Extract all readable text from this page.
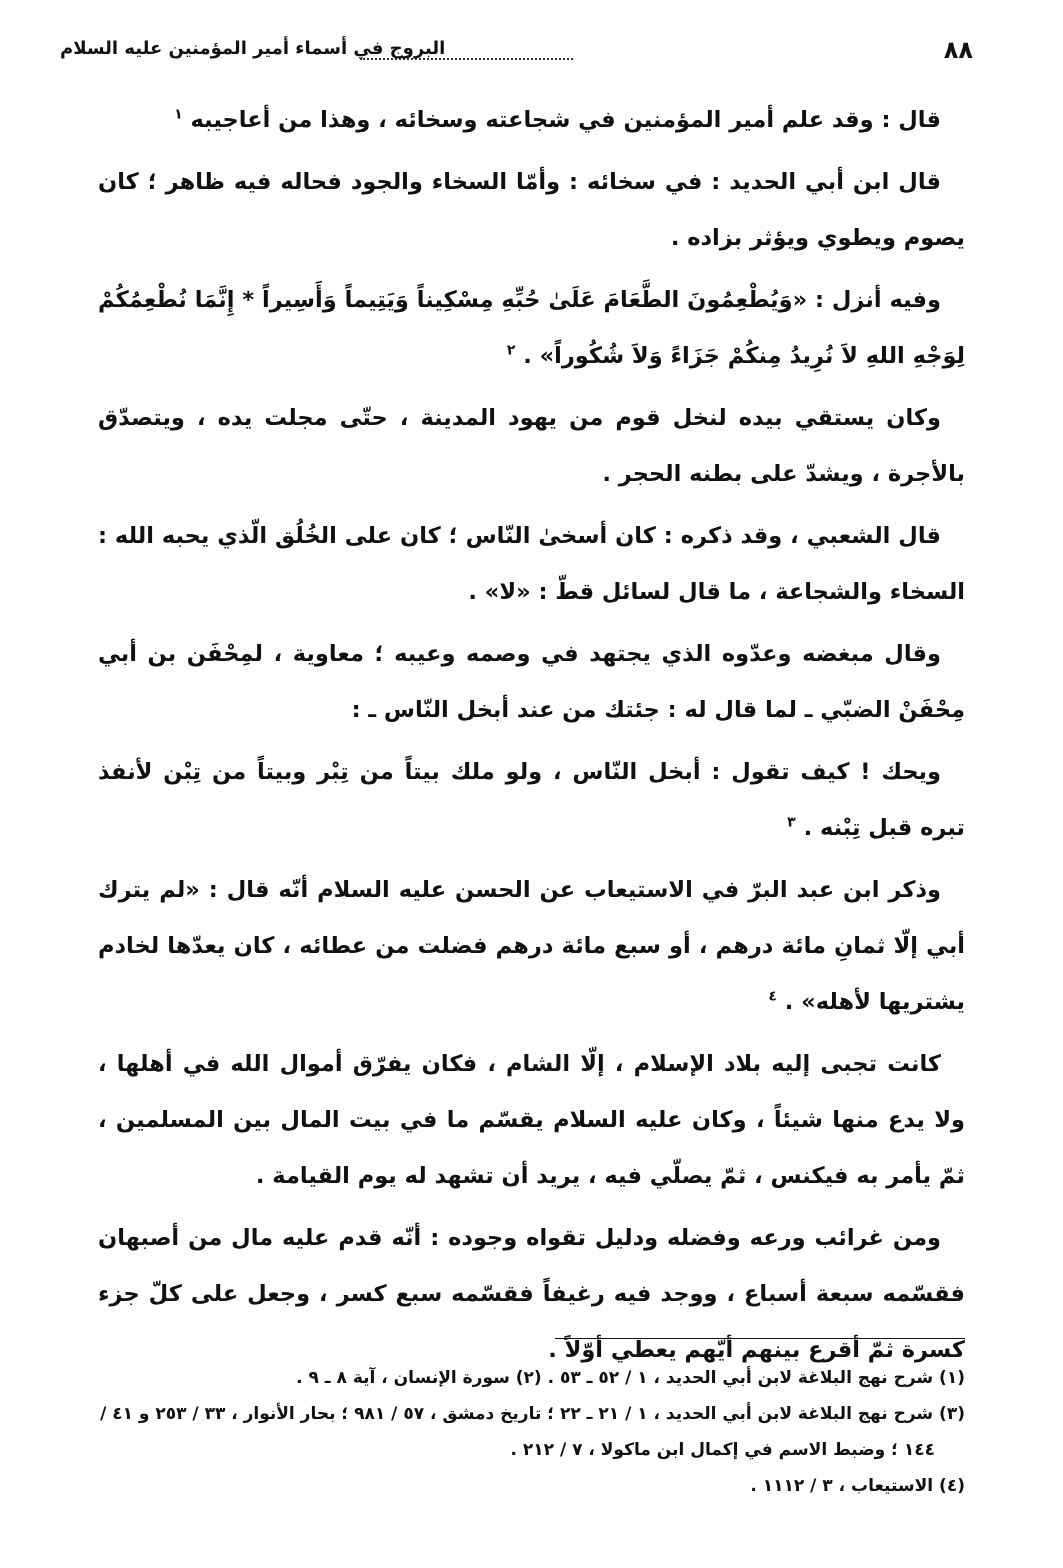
٨٨
البروج في أسماء أمير المؤمنين عليه السلام

قال : وقد علم أمير المؤمنين في شجاعته وسخائه ، وهذا من أعاجيبه $^١$

قال ابن أبي الحديد : في سخائه : وأمّا السخاء والجود فحاله فيه ظاهر ؛ كان يصوم ويطوي ويؤثر بزاده .

وفيه أنزل : «وَيُطْعِمُونَ الطَّعَامَ عَلَىٰ حُبِّهِ مِسْكِيناً وَيَتِيماً وَأَسِيراً * إِنَّمَا نُطْعِمُكُمْ لِوَجْهِ اللهِ لاَ نُرِيدُ مِنكُمْ جَزَاءً وَلاَ شُكُوراً» . $^٢$

وكان يستقي بيده لنخل قوم من يهود المدينة ، حتّى مجلت يده ، ويتصدّق بالأجرة ، ويشدّ على بطنه الحجر .

قال الشعبي ، وقد ذكره : كان أسخىٰ النّاس ؛ كان على الخُلُق الّذي يحبه الله : السخاء والشجاعة ، ما قال لسائل قطّ : «لا» .

وقال مبغضه وعدّوه الذي يجتهد في وصمه وعيبه ؛ معاوية ، لمِحْفَن بن أبي مِحْفَنْ الضبّي ـ لما قال له : جئتك من عند أبخل النّاس ـ :

ويحك ! كيف تقول : أبخل النّاس ، ولو ملك بيتاً من تِبْر وبيتاً من تِبْن لأنفذ تبره قبل تِبْنه . $^٣$

وذكر ابن عبد البرّ في الاستيعاب عن الحسن عليه السلام أنّه قال : «لم يترك أبي إلّا ثمانِ مائة درهم ، أو سبع مائة درهم فضلت من عطائه ، كان يعدّها لخادم يشتريها لأهله» . $^٤$

كانت تجبى إليه بلاد الإسلام ، إلّا الشام ، فكان يفرّق أموال الله في أهلها ، ولا يدع منها شيئاً ، وكان عليه السلام يقسّم ما في بيت المال بين المسلمين ، ثمّ يأمر به فيكنس ، ثمّ يصلّي فيه ، يريد أن تشهد له يوم القيامة .

ومن غرائب ورعه وفضله ودليل تقواه وجوده : أنّه قدم عليه مال من أصبهان فقسّمه سبعة أسباع ، ووجد فيه رغيفاً فقسّمه سبع كسر ، وجعل على كلّ جزء كسرة ثمّ أقرع بينهم أيّهم يعطي أوّلاً .

(١) شرح نهج البلاغة لابن أبي الحديد ، ١ / ٥٢ ـ ٥٣ . (٢) سورة الإنسان ، آية ٨ ـ ٩ .

(٣) شرح نهج البلاغة لابن أبي الحديد ، ١ / ٢١ ـ ٢٢ ؛ تاريخ دمشق ، ٥٧ / ٩٨١ ؛ بحار الأنوار ، ٣٣ / ٢٥٣ و ٤١ /

١٤٤ ؛ وضبط الاسم في إكمال ابن ماكولا ، ٧ / ٢١٢ .

(٤) الاستيعاب ، ٣ / ١١١٢ .
